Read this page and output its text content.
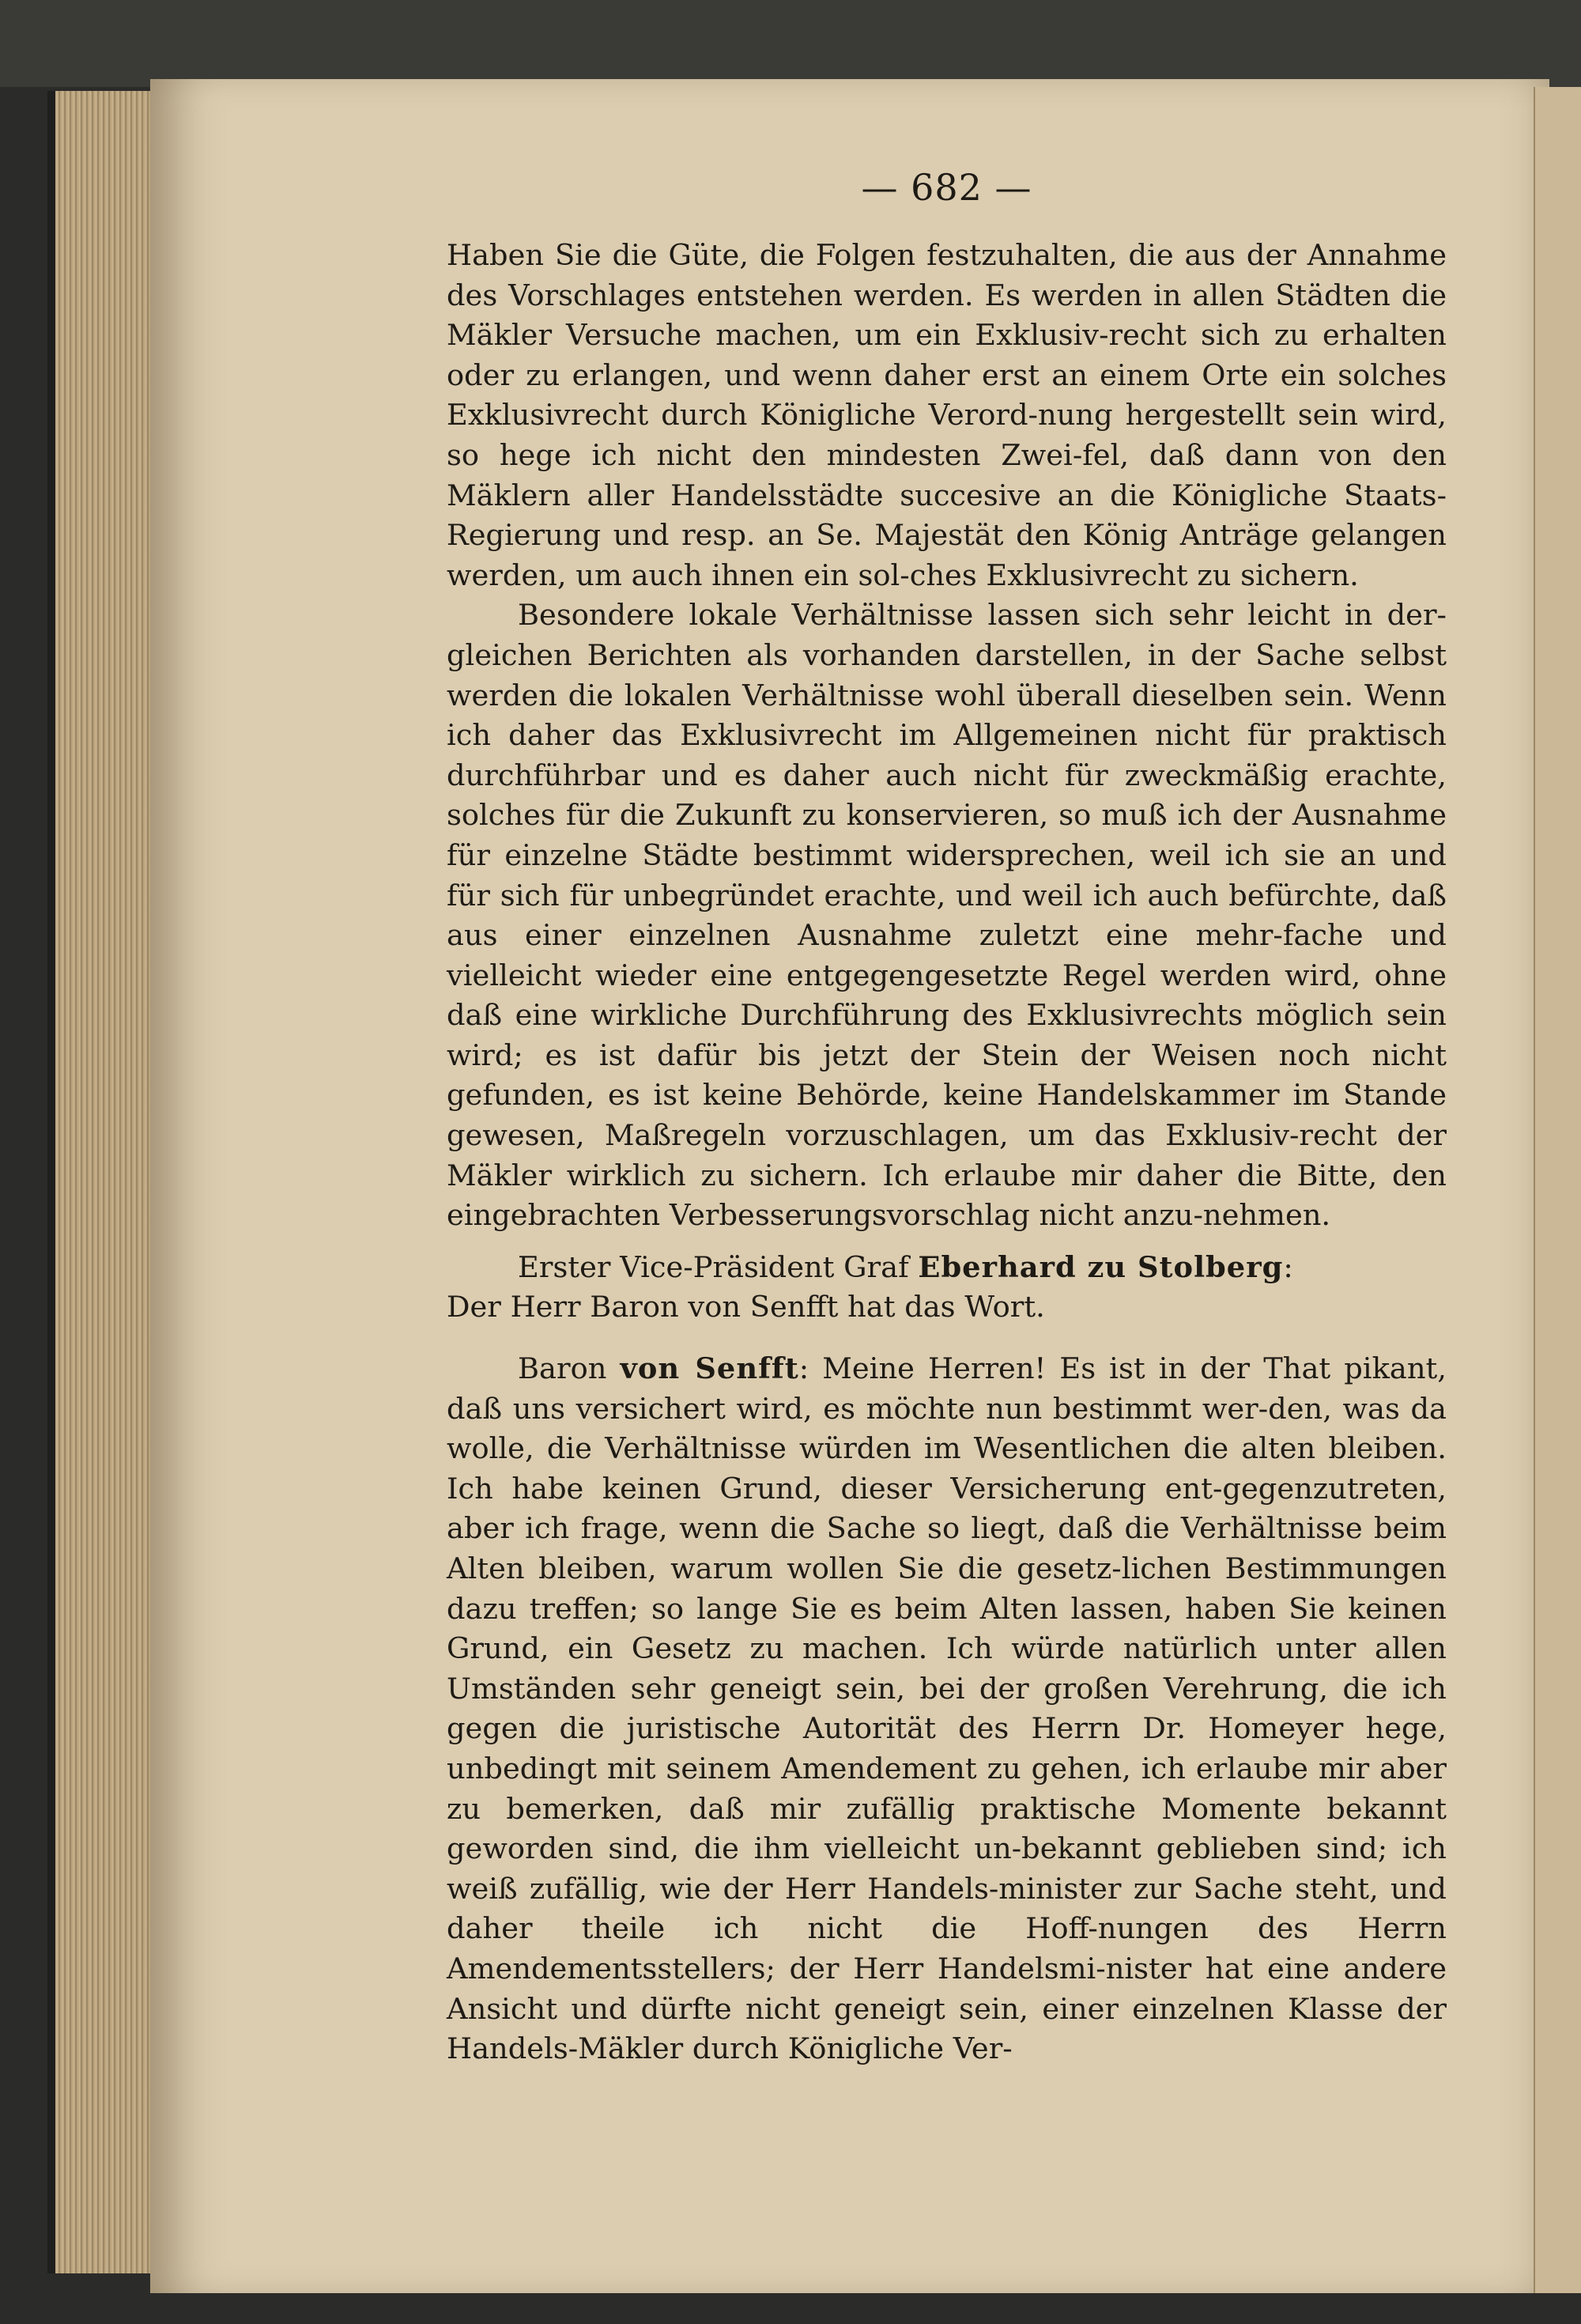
— 682 —

Haben Sie die Güte, die Folgen festzuhalten, die aus der Annahme des Vorschlages entstehen werden. Es werden in allen Städten die Mäkler Versuche machen, um ein Exklusiv-recht sich zu erhalten oder zu erlangen, und wenn daher erst an einem Orte ein solches Exklusivrecht durch Königliche Verord-nung hergestellt sein wird, so hege ich nicht den mindesten Zwei-fel, daß dann von den Mäklern aller Handelsstädte succesive an die Königliche Staats-Regierung und resp. an Se. Majestät den König Anträge gelangen werden, um auch ihnen ein sol-ches Exklusivrecht zu sichern.

Besondere lokale Verhältnisse lassen sich sehr leicht in der-gleichen Berichten als vorhanden darstellen, in der Sache selbst werden die lokalen Verhältnisse wohl überall dieselben sein. Wenn ich daher das Exklusivrecht im Allgemeinen nicht für praktisch durchführbar und es daher auch nicht für zweckmäßig erachte, solches für die Zukunft zu konservieren, so muß ich der Ausnahme für einzelne Städte bestimmt widersprechen, weil ich sie an und für sich für unbegründet erachte, und weil ich auch befürchte, daß aus einer einzelnen Ausnahme zuletzt eine mehr-fache und vielleicht wieder eine entgegengesetzte Regel werden wird, ohne daß eine wirkliche Durchführung des Exklusivrechts möglich sein wird; es ist dafür bis jetzt der Stein der Weisen noch nicht gefunden, es ist keine Behörde, keine Handelskammer im Stande gewesen, Maßregeln vorzuschlagen, um das Exklusiv-recht der Mäkler wirklich zu sichern. Ich erlaube mir daher die Bitte, den eingebrachten Verbesserungsvorschlag nicht anzu-nehmen.

Erster Vice-Präsident Graf Eberhard zu Stolberg:
Der Herr Baron von Senfft hat das Wort.

Baron von Senfft: Meine Herren! Es ist in der That pikant, daß uns versichert wird, es möchte nun bestimmt wer-den, was da wolle, die Verhältnisse würden im Wesentlichen die alten bleiben. Ich habe keinen Grund, dieser Versicherung ent-gegenzutreten, aber ich frage, wenn die Sache so liegt, daß die Verhältnisse beim Alten bleiben, warum wollen Sie die gesetz-lichen Bestimmungen dazu treffen; so lange Sie es beim Alten lassen, haben Sie keinen Grund, ein Gesetz zu machen. Ich würde natürlich unter allen Umständen sehr geneigt sein, bei der großen Verehrung, die ich gegen die juristische Autorität des Herrn Dr. Homeyer hege, unbedingt mit seinem Amendement zu gehen, ich erlaube mir aber zu bemerken, daß mir zufällig praktische Momente bekannt geworden sind, die ihm vielleicht un-bekannt geblieben sind; ich weiß zufällig, wie der Herr Handels-minister zur Sache steht, und daher theile ich nicht die Hoff-nungen des Herrn Amendementsstellers; der Herr Handelsmi-nister hat eine andere Ansicht und dürfte nicht geneigt sein, einer einzelnen Klasse der Handels-Mäkler durch Königliche Ver-
